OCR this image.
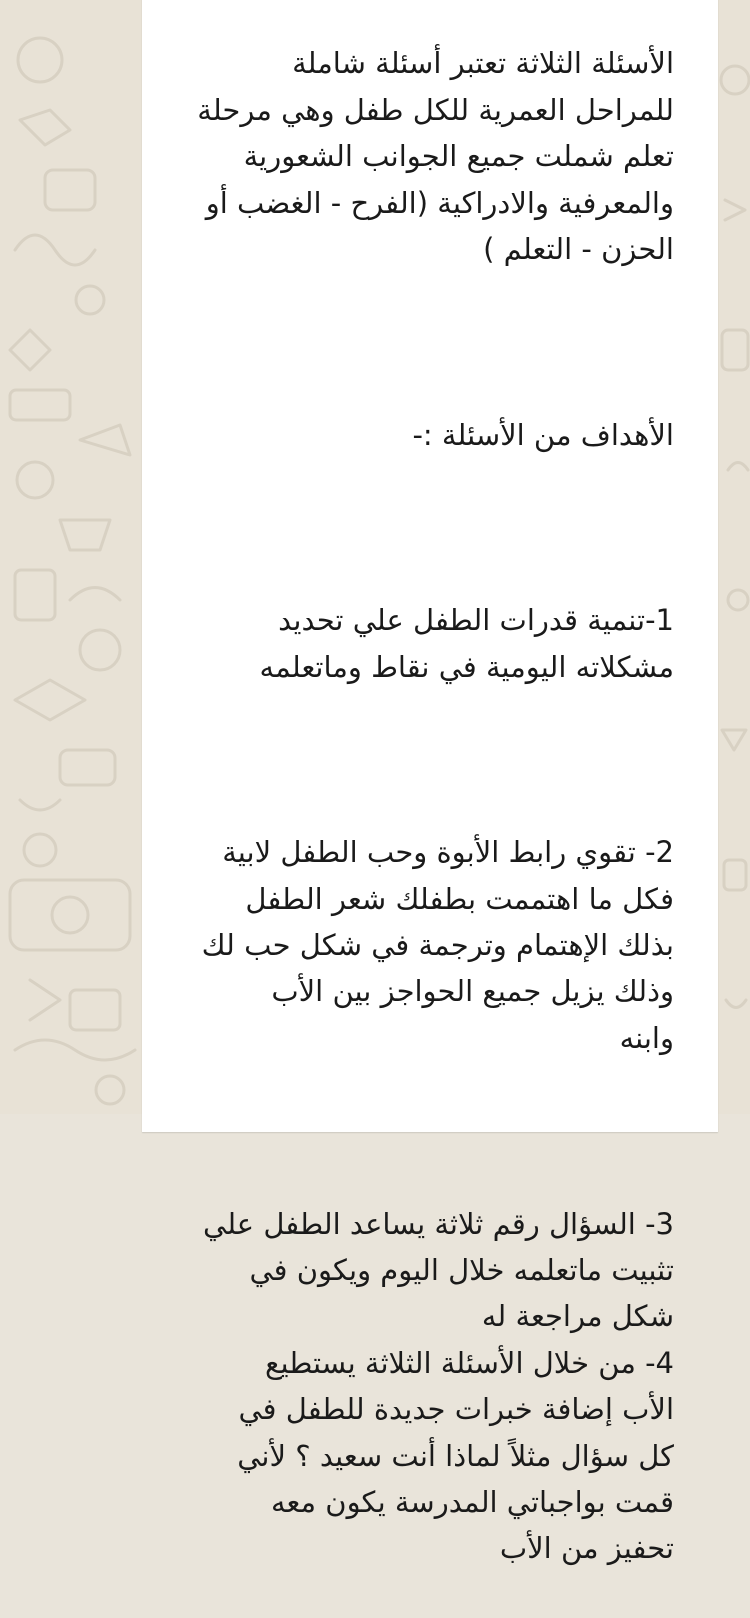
الأسئلة الثلاثة تعتبر أسئلة شاملة
للمراحل العمرية للكل طفل وهي مرحلة
تعلم شملت جميع الجوانب الشعورية
والمعرفية والادراكية (الفرح - الغضب أو
الحزن - التعلم )

الأهداف من الأسئلة :-

1-تنمية قدرات الطفل علي تحديد
مشكلاته اليومية في نقاط وماتعلمه

2- تقوي رابط الأبوة وحب الطفل لابية
فكل ما اهتممت بطفلك شعر الطفل
بذلك الإهتمام وترجمة في شكل حب لك
وذلك يزيل جميع الحواجز بين الأب
وابنه

3- السؤال رقم ثلاثة يساعد الطفل علي
تثبيت ماتعلمه خلال اليوم ويكون في
شكل مراجعة له
4- من خلال الأسئلة الثلاثة يستطيع
الأب إضافة خبرات جديدة للطفل في
كل سؤال مثلاً لماذا أنت سعيد ؟ لأني
قمت بواجباتي المدرسة يكون معه
تحفيز من الأب
